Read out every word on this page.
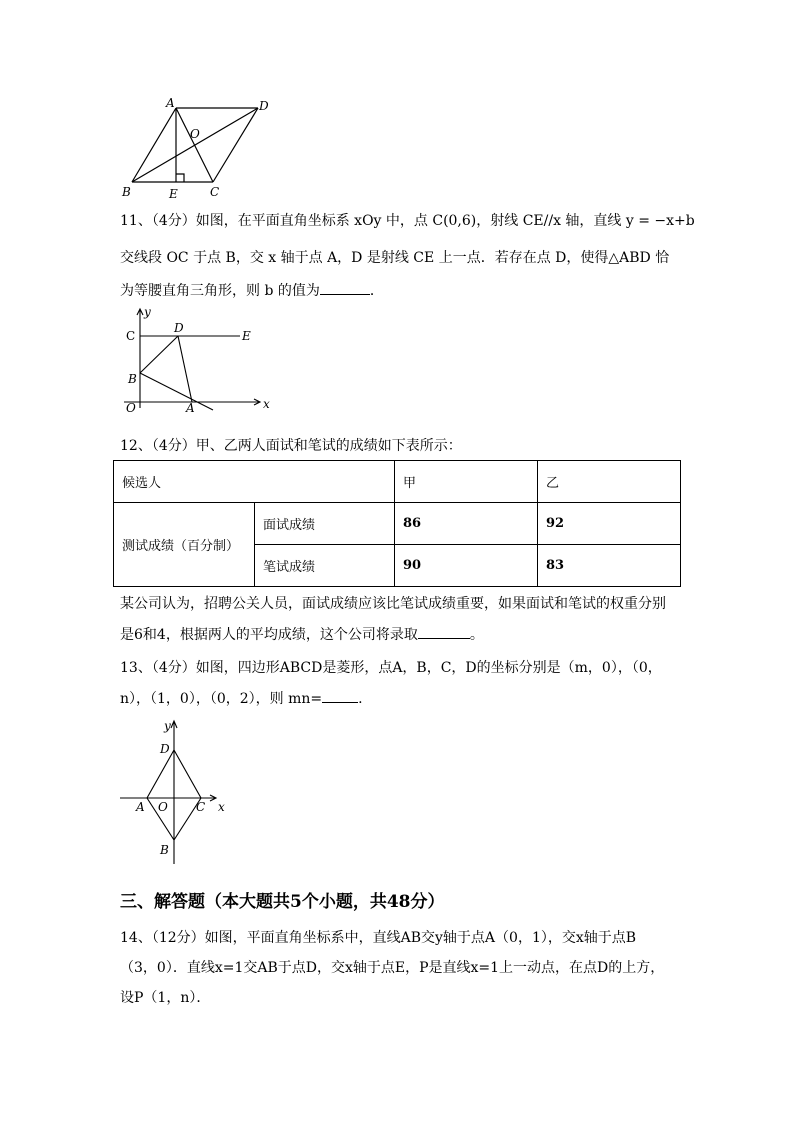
A	D
O
B	E	C
11、（4分）如图，在平面直角坐标系 xOy 中，点 C(0,6)，射线 CE//x 轴，直线 y = −x+b
交线段 OC 于点 B，交 x 轴于点 A，D 是射线 CE 上一点．若存在点 D，使得△ABD 恰
为等腰直角三角形，则 b 的值为	．
y
C
D
E
B
O	A	x
12、（4分）甲、乙两人面试和笔试的成绩如下表所示：
候选人		甲	乙
测试成绩（百分制）	面试成绩	86	92
	笔试成绩	90	83
某公司认为，招聘公关人员，面试成绩应该比笔试成绩重要，如果面试和笔试的权重分别
是6和4，根据两人的平均成绩，这个公司将录取	。
13、（4分）如图，四边形ABCD是菱形，点A，B，C，D的坐标分别是（m，0），（0，
n），（1，0），（0，2），则 mn=	.
y
D
A O C x
B
三、解答题（本大题共5个小题，共48分）
14、（12分）如图，平面直角坐标系中，直线AB交y轴于点A（0，1），交x轴于点B
（3，0）．直线x=1交AB于点D，交x轴于点E，P是直线x=1上一动点，在点D的上方，
设P（1，n）．
